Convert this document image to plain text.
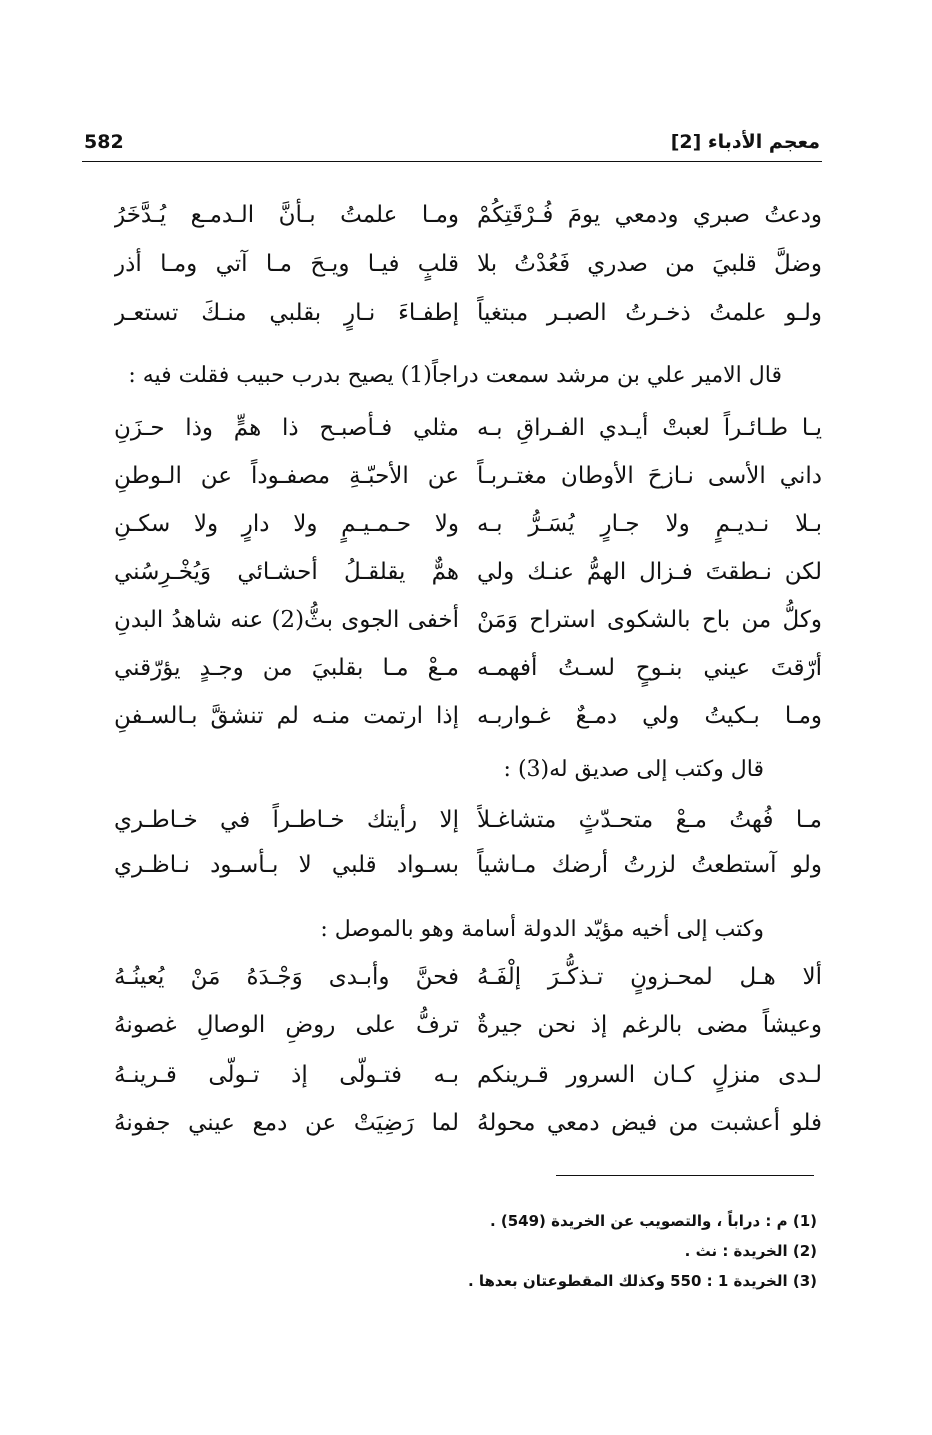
معجم الأدباء [2]
582
ودعتُ صبري ودمعي يومَ فُـرْقَتِكُمْ
ومـا علمتُ بـأنَّ الـدمـع يُـدَّخَرُ
وضلَّ قلبيَ من صدري فَعُدْتُ بلا
قلبٍ فيـا ويـحَ مـا آتي ومـا أذر
ولـو علمتُ ذخـرتُ الصبـر مبتغياً
إطفـاءَ نـارٍ بقلبي منـكَ تستعـر
قال الامير علي بن مرشد سمعت دراجاً(1) يصيح بدرب حبيب فقلت فيه :
يـا طـائـراً لعبتْ أيـدي الفـراقِ بـه
مثلي فـأصبـح ذا همٍّ وذا حـزَنِ
داني الأسى نـازحَ الأوطان مغتـربـاً
عن الأحبّـةِ مصفـوداً عن الـوطنِ
بـلا نـديـمٍ ولا جـارٍ يُسَـرُّ بـه
ولا حـمـيـمٍ ولا دارٍ ولا سكـنِ
لكن نـطقتَ فـزال الهمُّ عنـك ولي
همٌّ يقلقـلُ أحشـائي وَيُخْـرِسُني
وكلُّ من باح بالشكوى استراح وَمَنْ
أخفى الجوى بثُّ(2) عنه شاهدُ البدنِ
أرّقتَ عيني بنـوحٍ لسـتُ أفهمـه
مـعْ مـا بقلبيَ من وجـدٍ يؤرّقني
ومـا بـكيتُ ولي دمـعٌ غـواربـه
إذا ارتمت منـه لم تنشقَّ بـالسـفنِ
قال وكتب إلى صديق له(3) :
مـا فُهتُ مـعْ متحـدّثٍ متشاغـلاً
إلا رأيتك خـاطـراً في خـاطـري
ولو آستطعتُ لزرتُ أرضك مـاشياً
بسـواد قلبي لا بـأسـود نـاظـري
وكتب إلى أخيه مؤيّد الدولة أسامة وهو بالموصل :
ألا هـل لمحـزونٍ تـذكُّـرَ إلْفَـهُ
فحنَّ وأبـدى وَجْـدَهُ مَنْ يُعينُـهُ
وعيشاً مضى بالرغم إذ نحن جيرةٌ
ترفُّ على روضِ الوصالِ غصونهُ
لـدى منزلٍ كـان السرور قـرينكم
بـه فتـولّى إذ تـولّى قـرينـهُ
فلو أعشبت من فيض دمعي محولهُ
لما رَضِيَتْ عن دمع عيني جفونهُ
(1) م : دراباً ، والتصويب عن الخريدة (549) .
(2) الخريدة : نث .
(3) الخريدة 1 : 550 وكذلك المقطوعتان بعدها .
